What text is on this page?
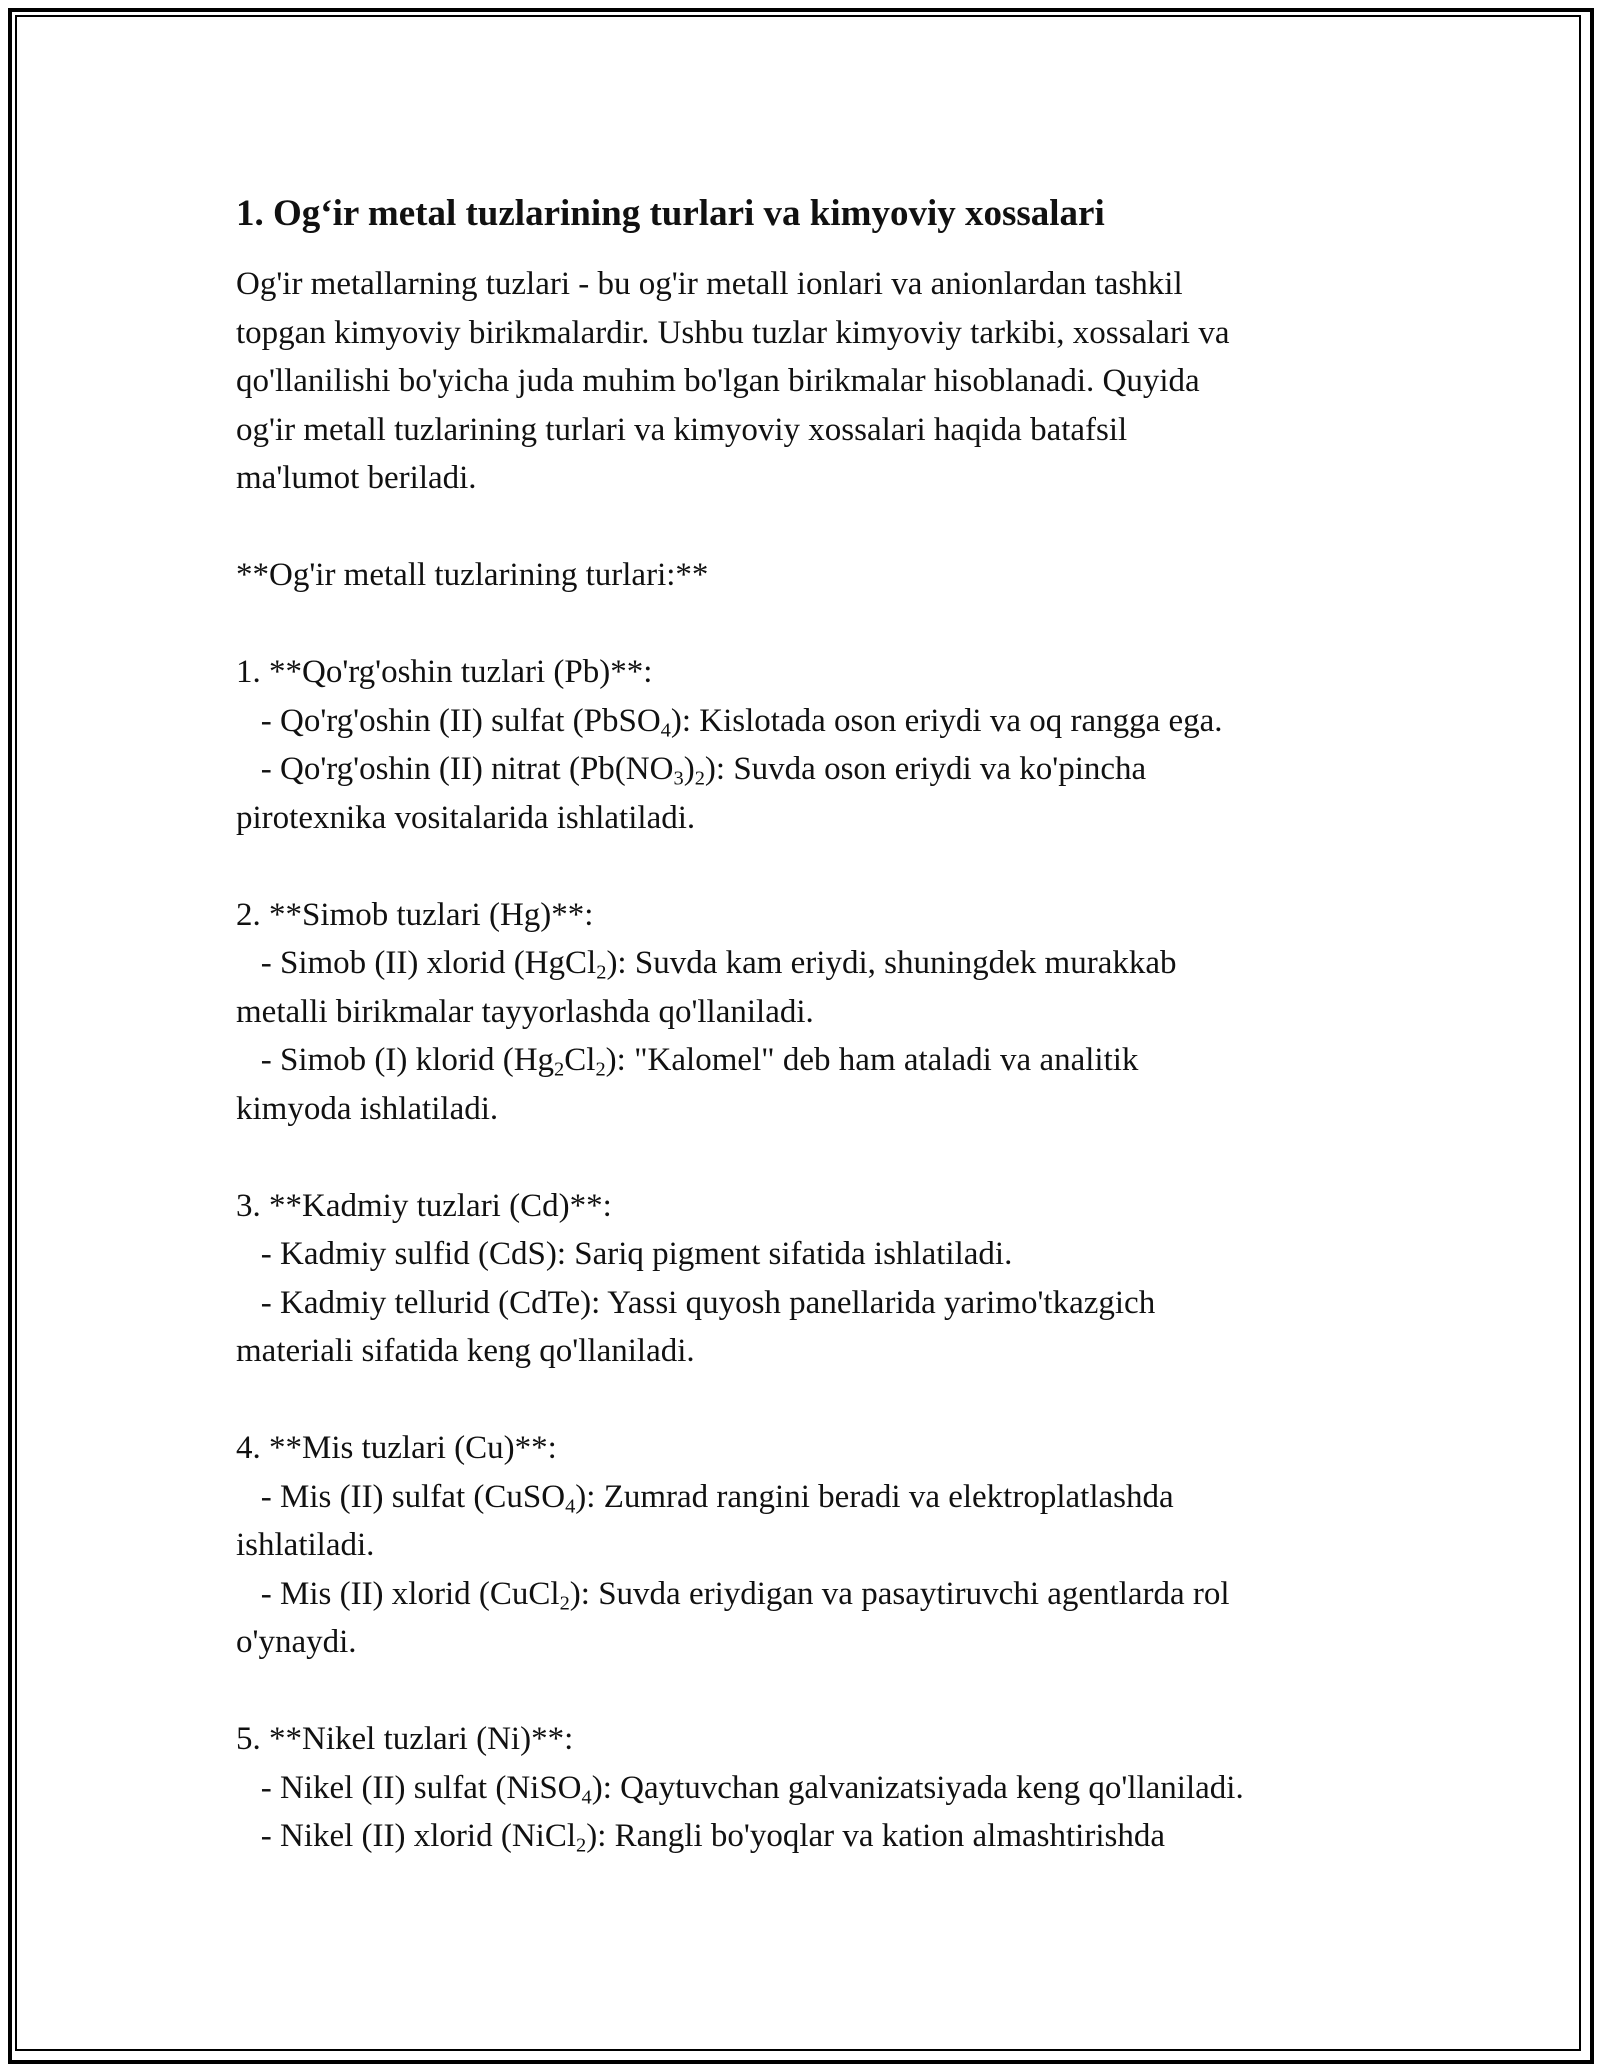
1. Og‘ir metal tuzlarining turlari va kimyoviy xossalari
Og'ir metallarning tuzlari - bu og'ir metall ionlari va anionlardan tashkil
topgan kimyoviy birikmalardir. Ushbu tuzlar kimyoviy tarkibi, xossalari va
qo'llanilishi bo'yicha juda muhim bo'lgan birikmalar hisoblanadi. Quyida
og'ir metall tuzlarining turlari va kimyoviy xossalari haqida batafsil
ma'lumot beriladi.
**Og'ir metall tuzlarining turlari:**
1. **Qo'rg'oshin tuzlari (Pb)**:
- Qo'rg'oshin (II) sulfat (PbSO$_4$): Kislotada oson eriydi va oq rangga ega.
- Qo'rg'oshin (II) nitrat $(Pb(NO_3)_2)$: Suvda oson eriydi va ko'pincha
pirotexnika vositalarida ishlatiladi.
2. **Simob tuzlari (Hg)**:
- Simob (II) xlorid (HgCl$_2$): Suvda kam eriydi, shuningdek murakkab
metalli birikmalar tayyorlashda qo'llaniladi.
- Simob (I) klorid $(Hg_2Cl_2)$: "Kalomel" deb ham ataladi va analitik
kimyoda ishlatiladi.
3. **Kadmiy tuzlari (Cd)**:
- Kadmiy sulfid (CdS): Sariq pigment sifatida ishlatiladi.
- Kadmiy tellurid (CdTe): Yassi quyosh panellarida yarimo'tkazgich
materiali sifatida keng qo'llaniladi.
4. **Mis tuzlari (Cu)**:
- Mis (II) sulfat (CuSO$_4$): Zumrad rangini beradi va elektroplatlashda
ishlatiladi.
- Mis (II) xlorid (CuCl$_2$): Suvda eriydigan va pasaytiruvchi agentlarda rol
o'ynaydi.
5. **Nikel tuzlari (Ni)**:
- Nikel (II) sulfat (NiSO$_4$): Qaytuvchan galvanizatsiyada keng qo'llaniladi.
- Nikel (II) xlorid (NiCl$_2$): Rangli bo'yoqlar va kation almashtirishda
